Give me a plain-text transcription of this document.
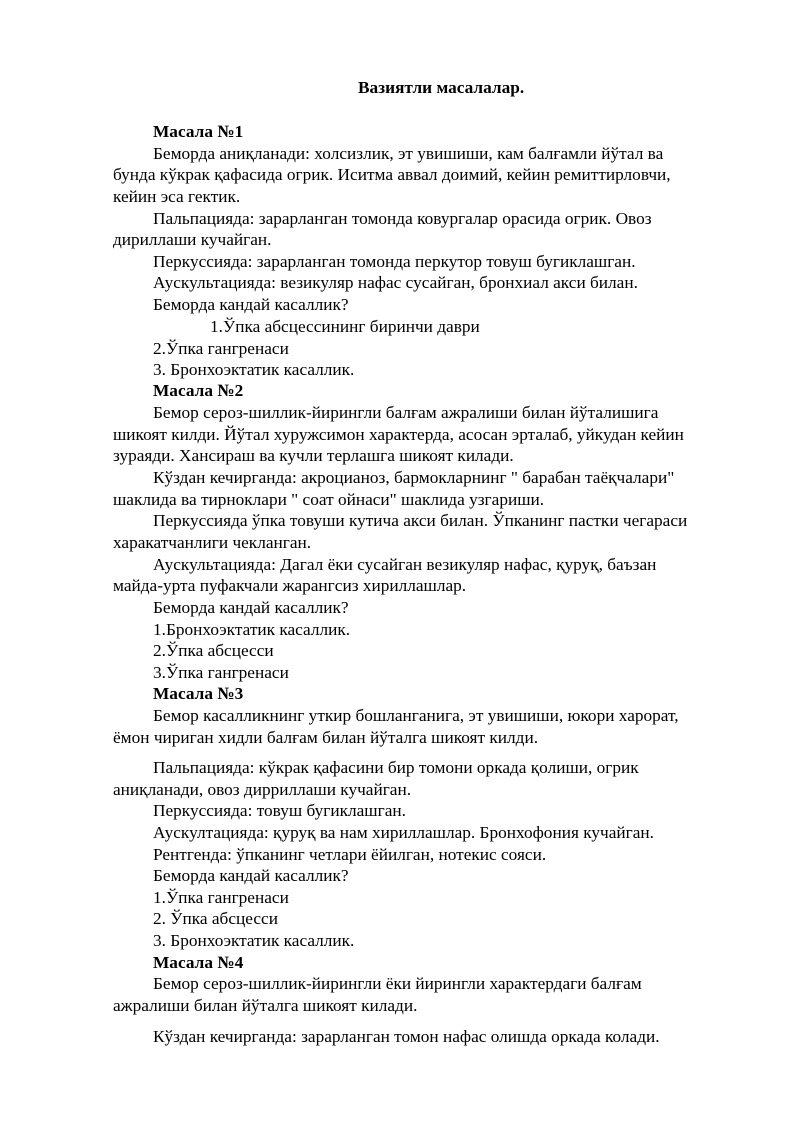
Вазиятли масалалар.
Масала №1
Беморда аниқланади: холсизлик, эт увишиши, кам балғамли йўтал ва
бунда кўкрак қафасида огрик. Иситма аввал доимий, кейин ремиттирловчи,
кейин эса гектик.
Пальпацияда: зарарланган томонда ковургалар орасида огрик. Овоз
дириллаши кучайган.
Перкуссияда: зарарланган томонда перкутор товуш бугиклашган.
Аускультацияда: везикуляр нафас сусайган, бронхиал акси билан.
Беморда кандай касаллик?
1.Ўпка абсцессининг биринчи даври
2.Ўпка гангренаси
3. Бронхоэктатик касаллик.
Масала №2
Бемор сероз-шиллик-йирингли балғам ажралиши билан йўталишига
шикоят килди. Йўтал хуружсимон характерда, асосан эрталаб, уйкудан кейин
зураяди. Хансираш ва кучли терлашга шикоят килади.
Кўздан кечирганда: акроцианоз, бармокларнинг " барабан таёқчалари"
шаклида ва тирноклари " соат ойнаси" шаклида узгариши.
Перкуссияда ўпка товуши кутича акси билан. Ўпканинг пастки чегараси
харакатчанлиги чекланган.
Аускультацияда: Дагал ёки сусайган везикуляр нафас, қуруқ, баъзан
майда-урта пуфакчали жарангсиз хириллашлар.
Беморда кандай касаллик?
1.Бронхоэктатик касаллик.
2.Ўпка абсцесси
3.Ўпка гангренаси
Масала №3
Бемор касалликнинг уткир бошланганига, эт увишиши, юкори харорат,
ёмон чириган хидли балғам билан йўталга шикоят килди.
Пальпацияда: кўкрак қафасини бир томони оркада қолиши, огрик
аниқланади, овоз дирриллаши кучайган.
Перкуссияда: товуш бугиклашган.
Аускултацияда: қуруқ ва нам хириллашлар. Бронхофония кучайган.
Рентгенда: ўпканинг четлари ёйилган, нотекис сояси.
Беморда кандай касаллик?
1.Ўпка гангренаси
2. Ўпка абсцесси
3. Бронхоэктатик касаллик.
Масала №4
Бемор сероз-шиллик-йирингли ёки йирингли характердаги балғам
ажралиши билан йўталга шикоят килади.
Кўздан кечирганда: зарарланган томон нафас олишда оркада колади.
